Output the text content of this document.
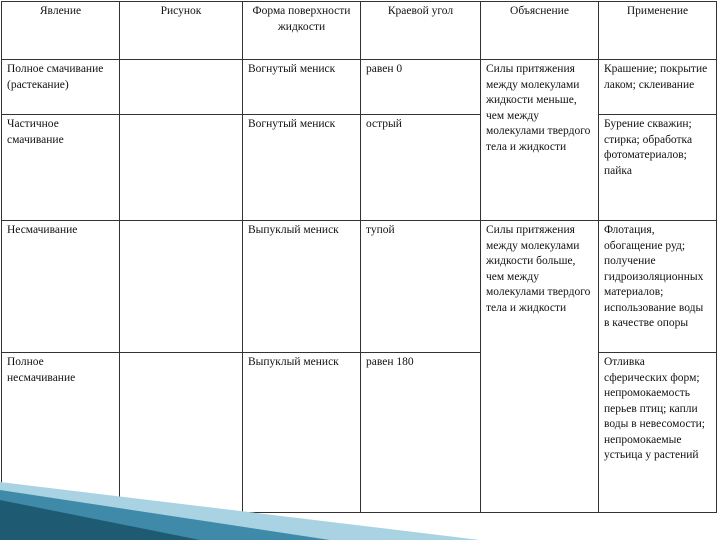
Явление	Рисунок	Форма поверхности жидкости	Краевой угол	Объяснение	Применение
Полное смачивание (растекание)		Вогнутый мениск	равен 0	Силы притяжения между молекулами жидкости меньше, чем между молекулами твердого тела и жидкости	Крашение; покрытие лаком; склеивание
Частичное смачивание		Вогнутый мениск	острый		Бурение скважин; стирка; обработка фотоматериалов; пайка
Несмачивание		Выпуклый мениск	тупой	Силы притяжения между молекулами жидкости больше, чем между молекулами твердого тела и жидкости	Флотация, обогащение руд; получение гидроизоляционных материалов; использование воды в качестве опоры
Полное несмачивание		Выпуклый мениск	равен 180		Отливка сферических форм; непромокаемость перьев птиц; капли воды в невесомости; непромокаемые устьица у растений
